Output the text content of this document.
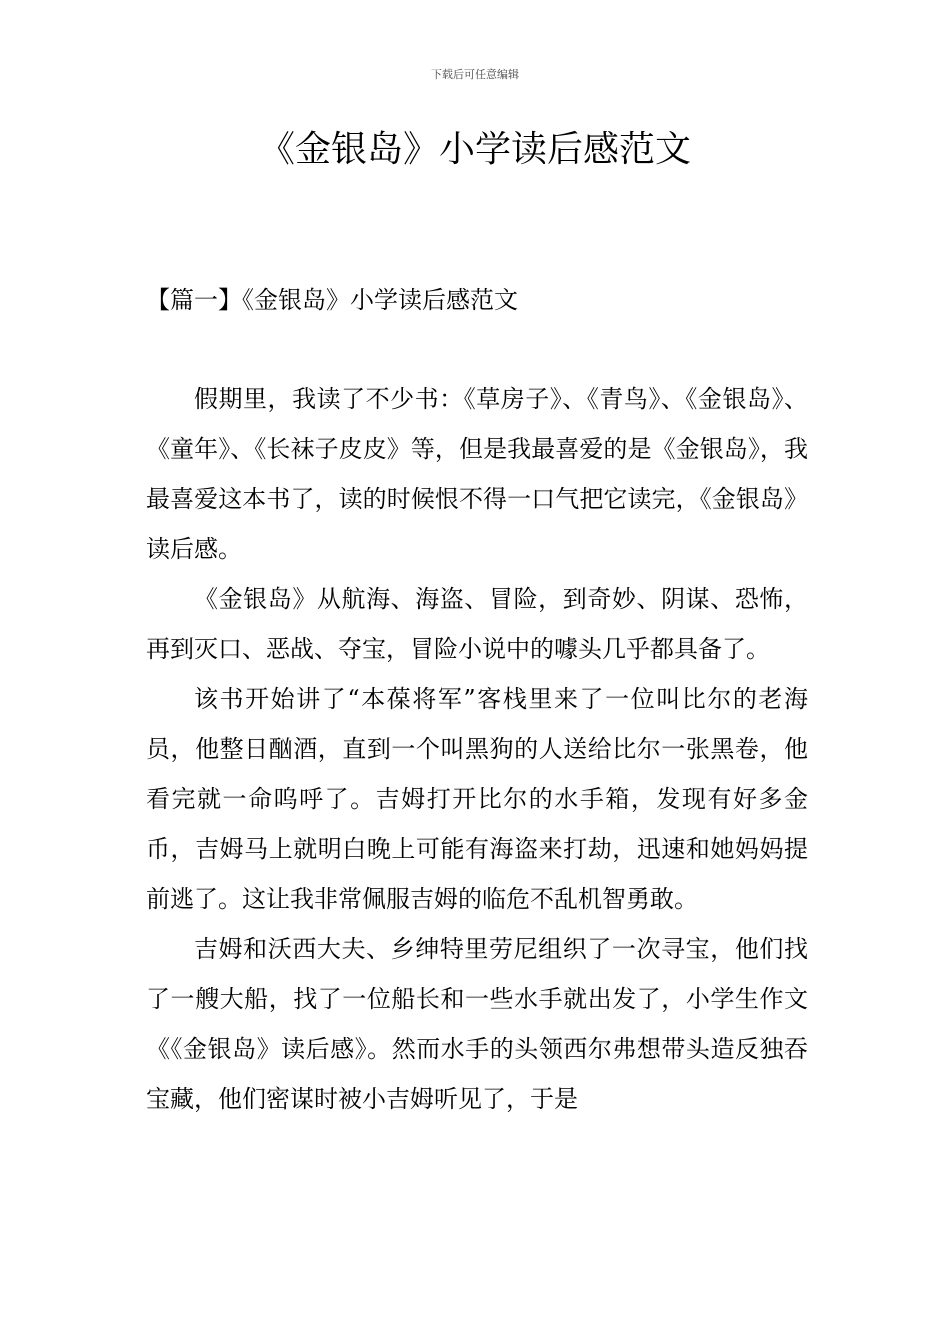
下载后可任意编辑
《金银岛》小学读后感范文
【篇一】《金银岛》小学读后感范文

假期里，我读了不少书：《草房子》、《青鸟》、《金银岛》、《童年》、《长袜子皮皮》等，但是我最喜爱的是《金银岛》，我最喜爱这本书了，读的时候恨不得一口气把它读完，《金银岛》读后感。

《金银岛》从航海、海盗、冒险，到奇妙、阴谋、恐怖，再到灭口、恶战、夺宝，冒险小说中的噱头几乎都具备了。

该书开始讲了“本葆将军”客栈里来了一位叫比尔的老海员，他整日酗酒，直到一个叫黑狗的人送给比尔一张黑卷，他看完就一命呜呼了。吉姆打开比尔的水手箱，发现有好多金币，吉姆马上就明白晚上可能有海盗来打劫，迅速和她妈妈提前逃了。这让我非常佩服吉姆的临危不乱机智勇敢。

吉姆和沃西大夫、乡绅特里劳尼组织了一次寻宝，他们找了一艘大船，找了一位船长和一些水手就出发了，小学生作文《《金银岛》读后感》。然而水手的头领西尔弗想带头造反独吞宝藏，他们密谋时被小吉姆听见了，于是
